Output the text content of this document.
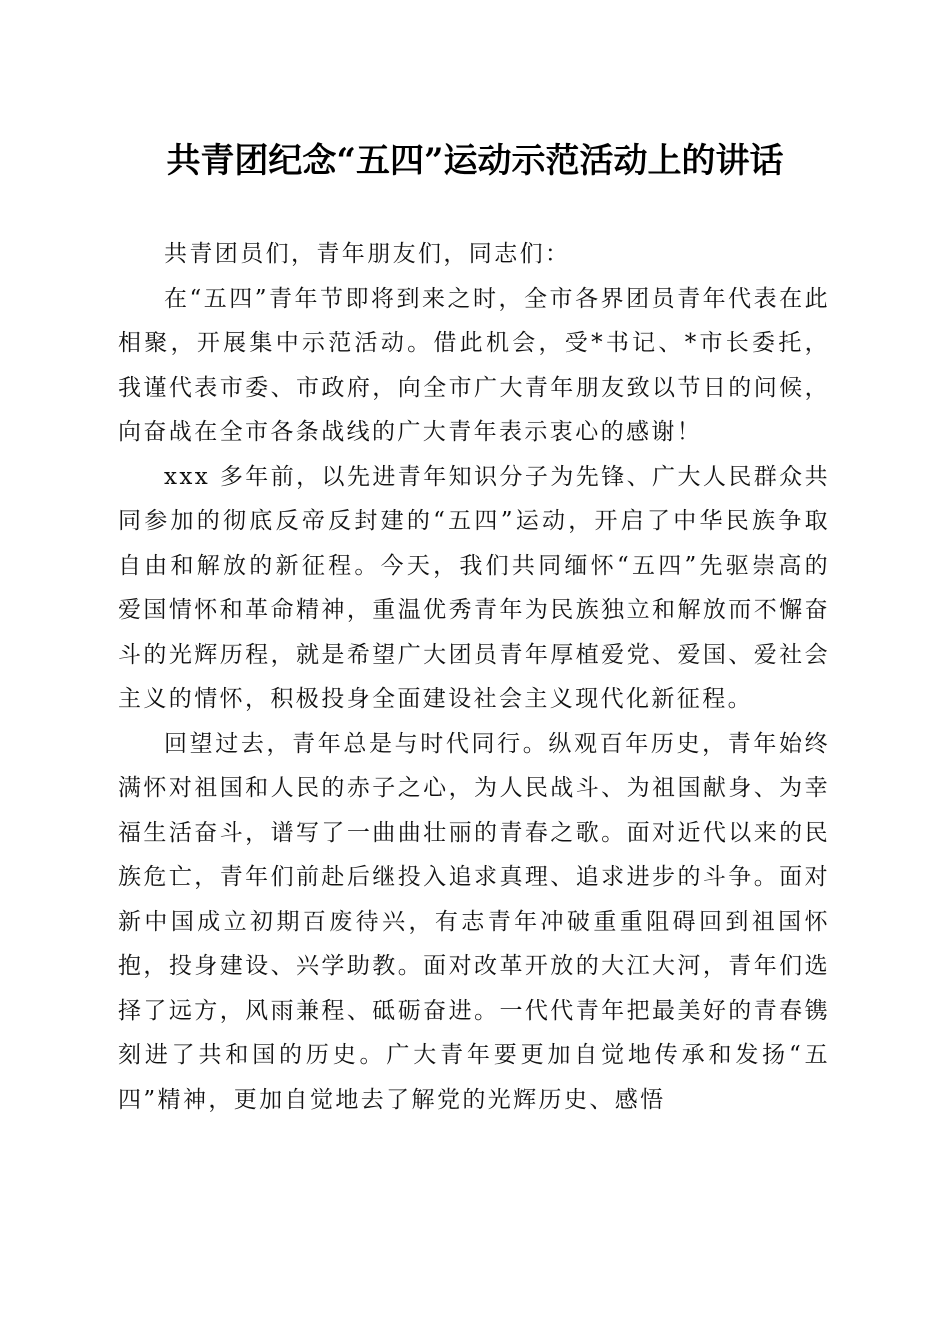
共青团纪念“五四”运动示范活动上的讲话

共青团员们，青年朋友们，同志们：

在“五四”青年节即将到来之时，全市各界团员青年代表在此相聚，开展集中示范活动。借此机会，受*书记、*市长委托，我谨代表市委、市政府，向全市广大青年朋友致以节日的问候，向奋战在全市各条战线的广大青年表示衷心的感谢！

xxx 多年前，以先进青年知识分子为先锋、广大人民群众共同参加的彻底反帝反封建的“五四”运动，开启了中华民族争取自由和解放的新征程。今天，我们共同缅怀“五四”先驱崇高的爱国情怀和革命精神，重温优秀青年为民族独立和解放而不懈奋斗的光辉历程，就是希望广大团员青年厚植爱党、爱国、爱社会主义的情怀，积极投身全面建设社会主义现代化新征程。

回望过去，青年总是与时代同行。纵观百年历史，青年始终满怀对祖国和人民的赤子之心，为人民战斗、为祖国献身、为幸福生活奋斗，谱写了一曲曲壮丽的青春之歌。面对近代以来的民族危亡，青年们前赴后继投入追求真理、追求进步的斗争。面对新中国成立初期百废待兴，有志青年冲破重重阻碍回到祖国怀抱，投身建设、兴学助教。面对改革开放的大江大河，青年们选择了远方，风雨兼程、砥砺奋进。一代代青年把最美好的青春镌刻进了共和国的历史。广大青年要更加自觉地传承和发扬“五四”精神，更加自觉地去了解党的光辉历史、感悟
